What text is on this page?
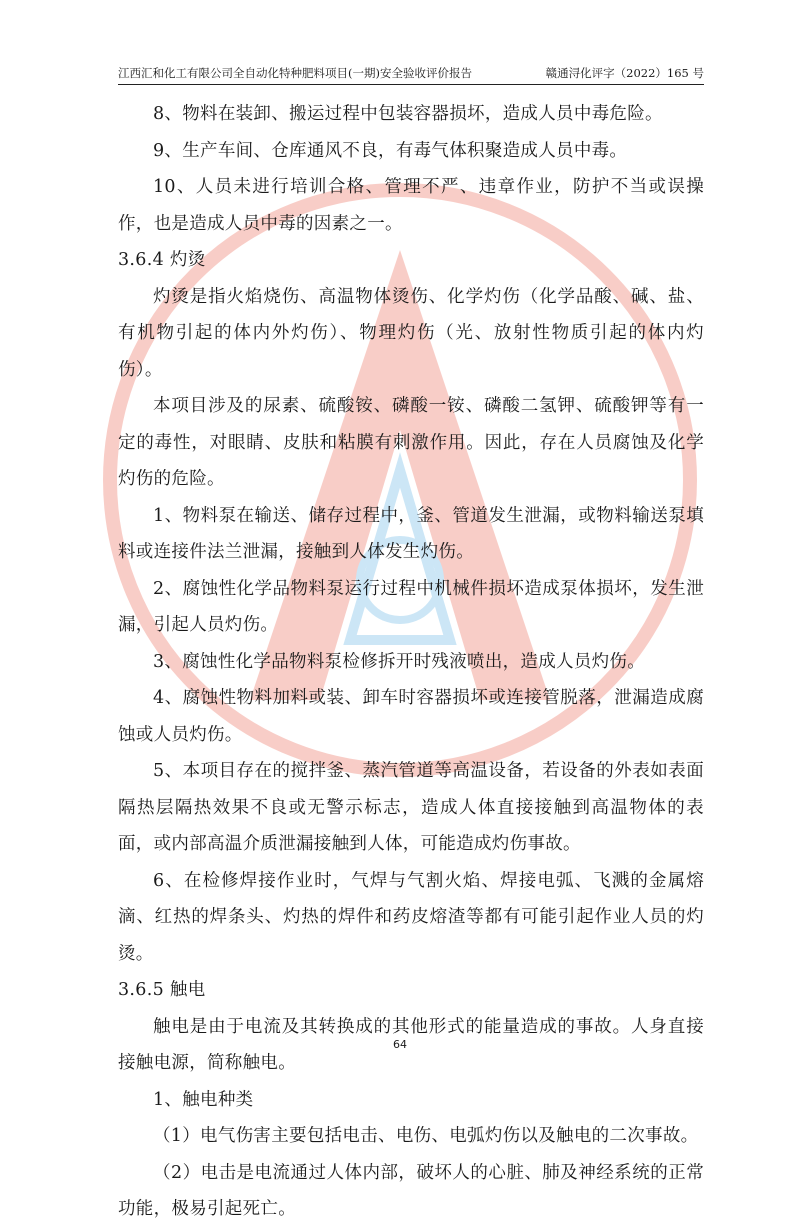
江西汇和化工有限公司全自动化特种肥料项目(一期)安全验收评价报告	赣通浔化评字（2022）165 号

8、物料在装卸、搬运过程中包装容器损坏，造成人员中毒危险。

9、生产车间、仓库通风不良，有毒气体积聚造成人员中毒。

10、人员未进行培训合格、管理不严、违章作业，防护不当或误操作，也是造成人员中毒的因素之一。

3.6.4 灼烫

灼烫是指火焰烧伤、高温物体烫伤、化学灼伤（化学品酸、碱、盐、有机物引起的体内外灼伤）、物理灼伤（光、放射性物质引起的体内灼伤）。

本项目涉及的尿素、硫酸铵、磷酸一铵、磷酸二氢钾、硫酸钾等有一定的毒性，对眼睛、皮肤和粘膜有刺激作用。因此，存在人员腐蚀及化学灼伤的危险。

1、物料泵在输送、储存过程中，釜、管道发生泄漏，或物料输送泵填料或连接件法兰泄漏，接触到人体发生灼伤。

2、腐蚀性化学品物料泵运行过程中机械件损坏造成泵体损坏，发生泄漏，引起人员灼伤。

3、腐蚀性化学品物料泵检修拆开时残液喷出，造成人员灼伤。

4、腐蚀性物料加料或装、卸车时容器损坏或连接管脱落，泄漏造成腐蚀或人员灼伤。

5、本项目存在的搅拌釜、蒸汽管道等高温设备，若设备的外表如表面隔热层隔热效果不良或无警示标志，造成人体直接接触到高温物体的表面，或内部高温介质泄漏接触到人体，可能造成灼伤事故。

6、在检修焊接作业时，气焊与气割火焰、焊接电弧、飞溅的金属熔滴、红热的焊条头、灼热的焊件和药皮熔渣等都有可能引起作业人员的灼烫。

3.6.5 触电

触电是由于电流及其转换成的其他形式的能量造成的事故。人身直接接触电源，简称触电。

1、触电种类

（1）电气伤害主要包括电击、电伤、电弧灼伤以及触电的二次事故。

（2）电击是电流通过人体内部，破坏人的心脏、肺及神经系统的正常功能，极易引起死亡。

64
